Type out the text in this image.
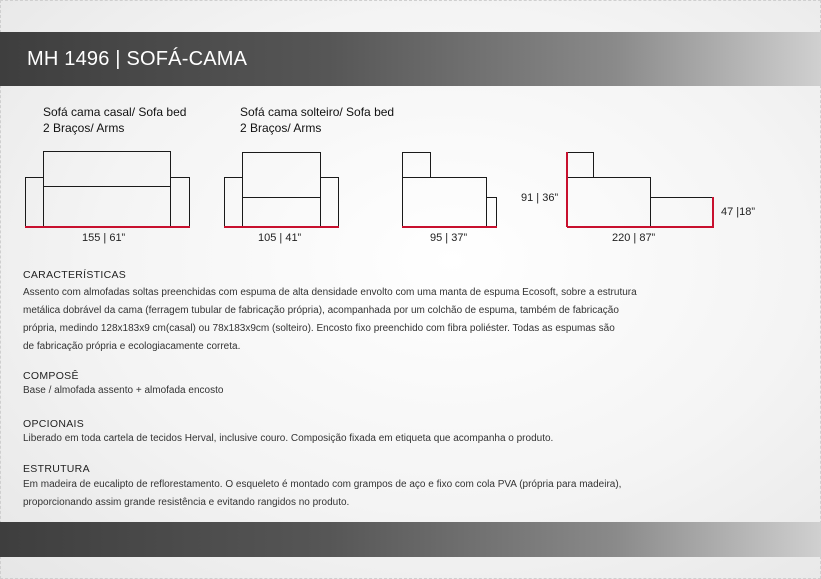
MH 1496 | SOFÁ-CAMA
Sofá cama casal/ Sofa bed
2 Braços/ Arms
Sofá cama solteiro/ Sofa bed
2 Braços/ Arms
155 | 61”	105 | 41”	95 | 37”	220 | 87”
91 | 36”
47 |18”
CARACTERÍSTICAS
Assento com almofadas soltas preenchidas com espuma de alta densidade envolto com uma manta de espuma Ecosoft, sobre a estrutura
metálica dobrável da cama (ferragem tubular de fabricação própria), acompanhada por um colchão de espuma, também de fabricação
própria, medindo 128x183x9 cm(casal) ou 78x183x9cm (solteiro). Encosto fixo preenchido com fibra poliéster. Todas as espumas são
de fabricação própria e ecologiacamente correta.
COMPOSÊ
Base / almofada assento + almofada encosto
OPCIONAIS
Liberado em toda cartela de tecidos Herval, inclusive couro. Composição fixada em etiqueta que acompanha o produto.
ESTRUTURA
Em madeira de eucalipto de reflorestamento. O esqueleto é montado com grampos de aço e fixo com cola PVA (própria para madeira),
proporcionando assim grande resistência e evitando rangidos no produto.
